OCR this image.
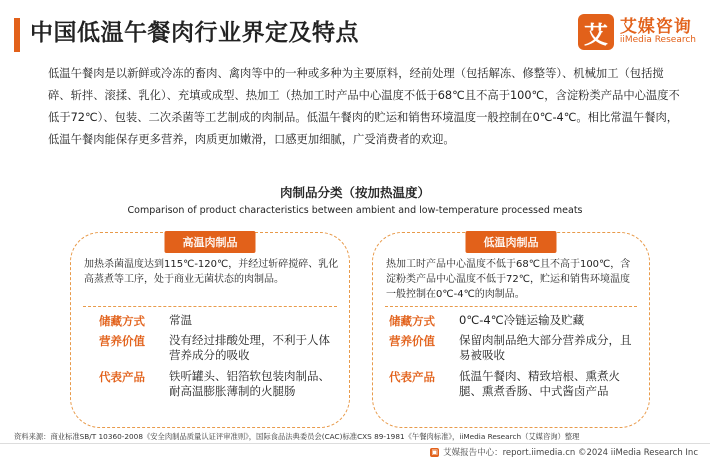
中国低温午餐肉行业界定及特点	艾 艾媒咨询
iiMedia Research

低温午餐肉是以新鲜或冷冻的畜肉、禽肉等中的一种或多种为主要原料，经前处理（包括解冻、修整等）、机械加工（包括搅碎、斩拌、滚揉、乳化）、充填或成型、热加工（热加工时产品中心温度不低于68℃且不高于100℃，含淀粉类产品中心温度不低于72℃）、包装、二次杀菌等工艺制成的肉制品。低温午餐肉的贮运和销售环境温度一般控制在0℃-4℃。相比常温午餐肉，低温午餐肉能保存更多营养，肉质更加嫩滑，口感更加细腻，广受消费者的欢迎。

肉制品分类（按加热温度）
Comparison of product characteristics between ambient and low-temperature processed meats
高温肉制品
加热杀菌温度达到115℃-120℃，并经过斩碎搅碎、乳化高蒸煮等工序，处于商业无菌状态的肉制品。
储藏方式	常温
营养价值	没有经过排酸处理，不利于人体营养成分的吸收
代表产品	铁听罐头、铝箔软包装肉制品、耐高温膨胀薄制的火腿肠
低温肉制品
热加工时产品中心温度不低于68℃且不高于100℃，含淀粉类产品中心温度不低于72℃，贮运和销售环境温度一般控制在0℃-4℃的肉制品。
储藏方式	0℃-4℃冷链运输及贮藏
营养价值	保留肉制品绝大部分营养成分，且易被吸收
代表产品	低温午餐肉、精致培根、熏煮火腿、熏煮香肠、中式酱卤产品
资料来源：商业标准SB/T 10360-2008《安全肉制品质量认证评审准则》，国际食品法典委员会(CAC)标准CXS 89-1981《午餐肉标准》，iiMedia Research（艾媒咨询）整理
▣ 艾媒报告中心：report.iimedia.cn ©2024 iiMedia Research Inc
